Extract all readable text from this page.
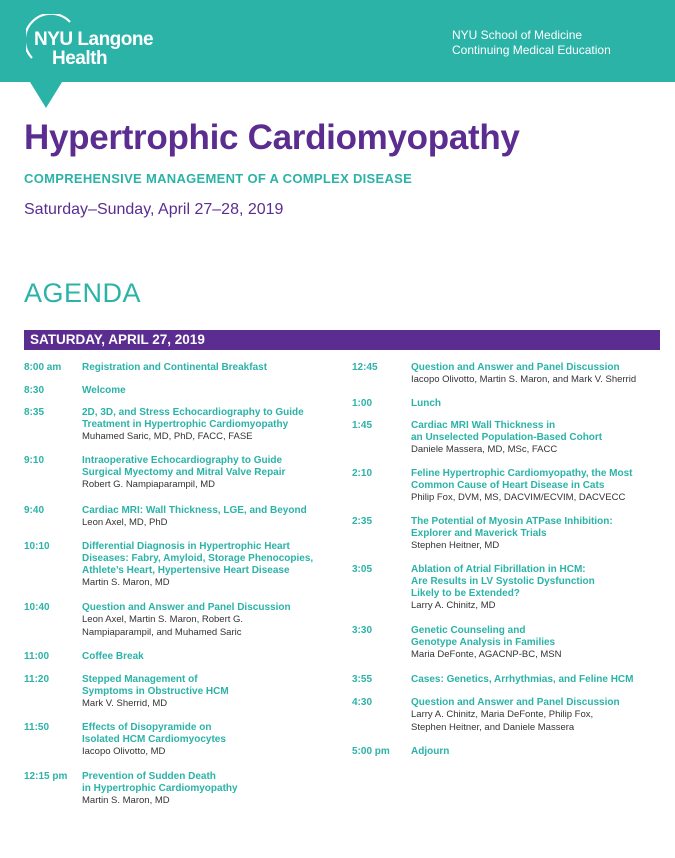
NYU Langone
Health
NYU School of Medicine
Continuing Medical Education
Hypertrophic Cardiomyopathy
COMPREHENSIVE MANAGEMENT OF A COMPLEX DISEASE
Saturday–Sunday, April 27–28, 2019
AGENDA
SATURDAY, APRIL 27, 2019
8:00 am	Registration and Continental Breakfast
8:30	Welcome
8:35	2D, 3D, and Stress Echocardiography to Guide
Treatment in Hypertrophic Cardiomyopathy
Muhamed Saric, MD, PhD, FACC, FASE
9:10	Intraoperative Echocardiography to Guide
Surgical Myectomy and Mitral Valve Repair
Robert G. Nampiaparampil, MD
9:40	Cardiac MRI: Wall Thickness, LGE, and Beyond
Leon Axel, MD, PhD
10:10	Differential Diagnosis in Hypertrophic Heart
Diseases: Fabry, Amyloid, Storage Phenocopies,
Athlete’s Heart, Hypertensive Heart Disease
Martin S. Maron, MD
10:40	Question and Answer and Panel Discussion
Leon Axel, Martin S. Maron, Robert G.
Nampiaparampil, and Muhamed Saric
11:00	Coffee Break
11:20	Stepped Management of
Symptoms in Obstructive HCM
Mark V. Sherrid, MD
11:50	Effects of Disopyramide on
Isolated HCM Cardiomyocytes
Iacopo Olivotto, MD
12:15 pm	Prevention of Sudden Death
in Hypertrophic Cardiomyopathy
Martin S. Maron, MD
12:45	Question and Answer and Panel Discussion
Iacopo Olivotto, Martin S. Maron, and Mark V. Sherrid
1:00	Lunch
1:45	Cardiac MRI Wall Thickness in
an Unselected Population-Based Cohort
Daniele Massera, MD, MSc, FACC
2:10	Feline Hypertrophic Cardiomyopathy, the Most
Common Cause of Heart Disease in Cats
Philip Fox, DVM, MS, DACVIM/ECVIM, DACVECC
2:35	The Potential of Myosin ATPase Inhibition:
Explorer and Maverick Trials
Stephen Heitner, MD
3:05	Ablation of Atrial Fibrillation in HCM:
Are Results in LV Systolic Dysfunction
Likely to be Extended?
Larry A. Chinitz, MD
3:30	Genetic Counseling and
Genotype Analysis in Families
Maria DeFonte, AGACNP-BC, MSN
3:55	Cases: Genetics, Arrhythmias, and Feline HCM
4:30	Question and Answer and Panel Discussion
Larry A. Chinitz, Maria DeFonte, Philip Fox,
Stephen Heitner, and Daniele Massera
5:00 pm	Adjourn
